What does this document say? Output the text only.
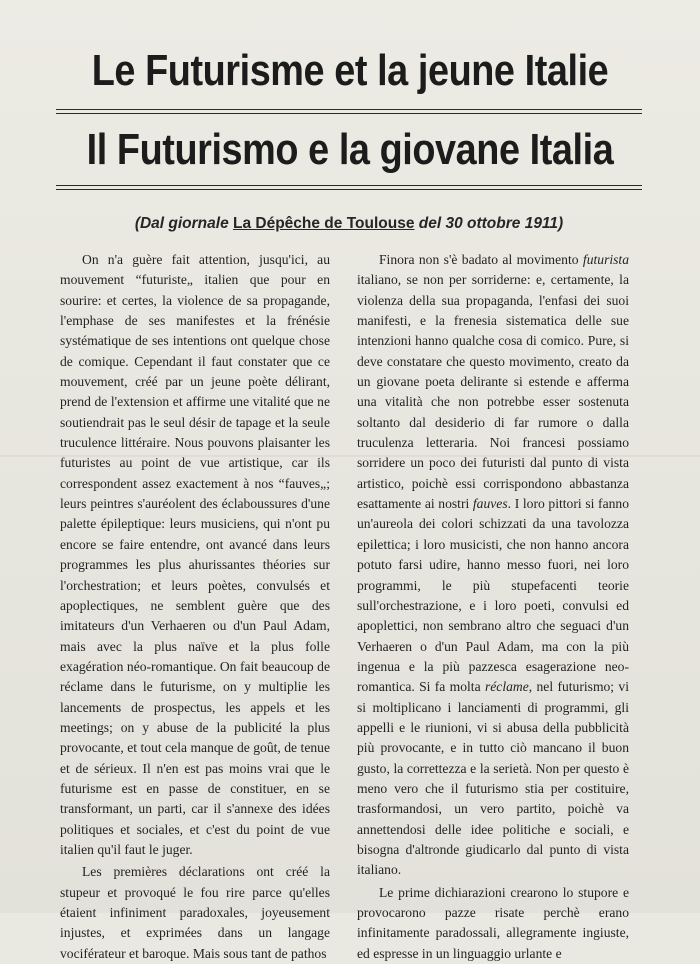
Le Futurisme et la jeune Italie
Il Futurismo e la giovane Italia
(Dal giornale La Dépêche de Toulouse del 30 ottobre 1911)

On n'a guère fait attention, jusqu'ici, au mouvement “futuriste„ italien que pour en sourire: et certes, la violence de sa propagande, l'emphase de ses manifestes et la frénésie systématique de ses intentions ont quelque chose de comique. Cependant il faut constater que ce mouvement, créé par un jeune poète délirant, prend de l'extension et affirme une vitalité que ne soutiendrait pas le seul désir de tapage et la seule truculence littéraire. Nous pouvons plaisanter les futuristes au point de vue artistique, car ils correspondent assez exactement à nos “fauves„; leurs peintres s'auréolent des éclaboussures d'une palette épileptique: leurs musiciens, qui n'ont pu encore se faire entendre, ont avancé dans leurs programmes les plus ahurissantes théories sur l'orchestration; et leurs poètes, convulsés et apoplectiques, ne semblent guère que des imitateurs d'un Verhaeren ou d'un Paul Adam, mais avec la plus naïve et la plus folle exagération néo-romantique. On fait beaucoup de réclame dans le futurisme, on y multiplie les lancements de prospectus, les appels et les meetings; on y abuse de la publicité la plus provocante, et tout cela manque de goût, de tenue et de sérieux. Il n'en est pas moins vrai que le futurisme est en passe de constituer, en se transformant, un parti, car il s'annexe des idées politiques et sociales, et c'est du point de vue italien qu'il faut le juger.

Les premières déclarations ont créé la stupeur et provoqué le fou rire parce qu'elles étaient infiniment paradoxales, joyeusement injustes, et exprimées dans un langage vociférateur et baroque. Mais sous tant de pathos

Finora non s'è badato al movimento futurista italiano, se non per sorriderne: e, certamente, la violenza della sua propaganda, l'enfasi dei suoi manifesti, e la frenesia sistematica delle sue intenzioni hanno qualche cosa di comico. Pure, si deve constatare che questo movimento, creato da un giovane poeta delirante si estende e afferma una vitalità che non potrebbe esser sostenuta soltanto dal desiderio di far rumore o dalla truculenza letteraria. Noi francesi possiamo sorridere un poco dei futuristi dal punto di vista artistico, poichè essi corrispondono abbastanza esattamente ai nostri fauves. I loro pittori si fanno un'aureola dei colori schizzati da una tavolozza epilettica; i loro musicisti, che non hanno ancora potuto farsi udire, hanno messo fuori, nei loro programmi, le più stupefacenti teorie sull'orchestrazione, e i loro poeti, convulsi ed apoplettici, non sembrano altro che seguaci d'un Verhaeren o d'un Paul Adam, ma con la più ingenua e la più pazzesca esagerazione neo-romantica. Si fa molta réclame, nel futurismo; vi si moltiplicano i lanciamenti di programmi, gli appelli e le riunioni, vi si abusa della pubblicità più provocante, e in tutto ciò mancano il buon gusto, la correttezza e la serietà. Non per questo è meno vero che il futurismo stia per costituire, trasformandosi, un vero partito, poichè va annettendosi delle idee politiche e sociali, e bisogna d'altronde giudicarlo dal punto di vista italiano.

Le prime dichiarazioni crearono lo stupore e provocarono pazze risate perchè erano infinitamente paradossali, allegramente ingiuste, ed espresse in un linguaggio urlante e
